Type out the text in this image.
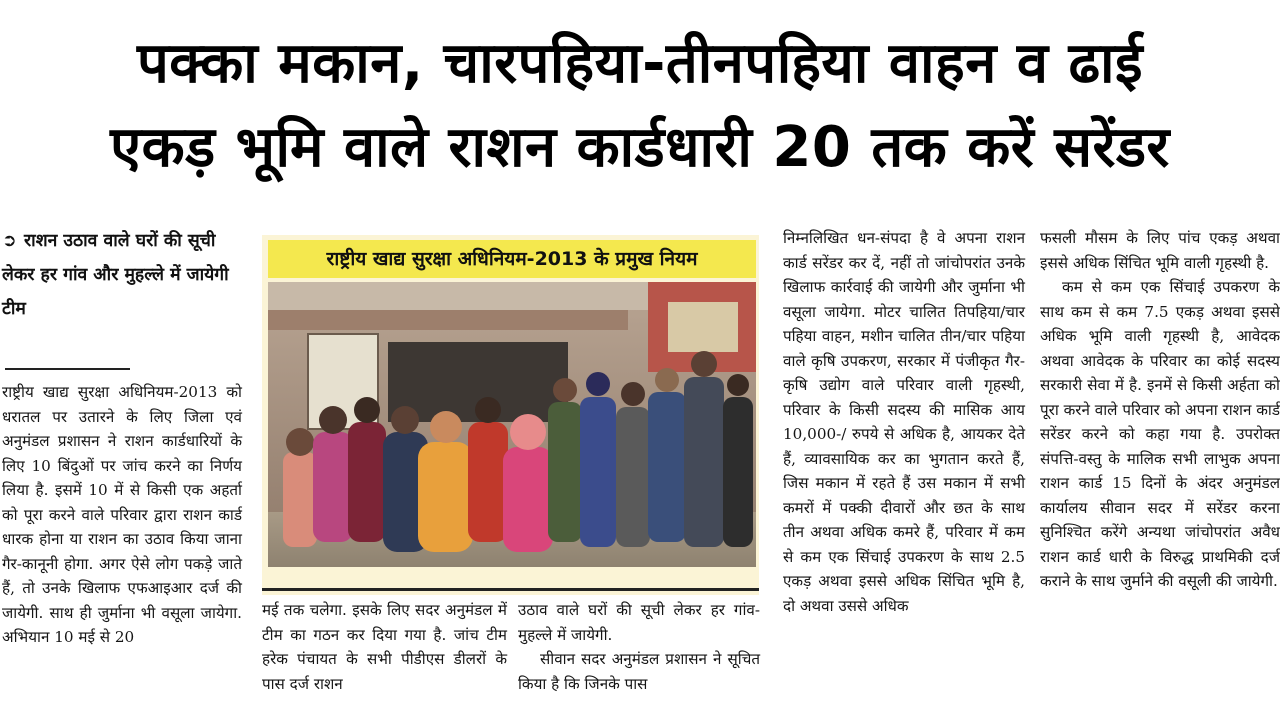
पक्का मकान, चारपहिया-तीनपहिया वाहन व ढाई
एकड़ भूमि वाले राशन कार्डधारी 20 तक करें सरेंडर
➲ राशन उठाव वाले घरों की सूची लेकर हर गांव और मुहल्ले में जायेगी टीम

राष्ट्रीय खाद्य सुरक्षा अधिनियम-2013 को धरातल पर उतारने के लिए जिला एवं अनुमंडल प्रशासन ने राशन कार्डधारियों के लिए 10 बिंदुओं पर जांच करने का निर्णय लिया है. इसमें 10 में से किसी एक अहर्ता को पूरा करने वाले परिवार द्वारा राशन कार्ड धारक होना या राशन का उठाव किया जाना गैर-कानूनी होगा. अगर ऐसे लोग पकड़े जाते हैं, तो उनके खिलाफ एफआइआर दर्ज की जायेगी. साथ ही जुर्माना भी वसूला जायेगा. अभियान 10 मई से 20

राष्ट्रीय खाद्य सुरक्षा अधिनियम-2013 के प्रमुख नियम

मई तक चलेगा. इसके लिए सदर अनुमंडल में टीम का गठन कर दिया गया है. जांच टीम हरेक पंचायत के सभी पीडीएस डीलरों के पास दर्ज राशन

उठाव वाले घरों की सूची लेकर हर गांव-मुहल्ले में जायेगी.

सीवान सदर अनुमंडल प्रशासन ने सूचित किया है कि जिनके पास

निम्नलिखित धन-संपदा है वे अपना राशन कार्ड सरेंडर कर दें, नहीं तो जांचोपरांत उनके खिलाफ कार्रवाई की जायेगी और जुर्माना भी वसूला जायेगा. मोटर चालित तिपहिया/चार पहिया वाहन, मशीन चालित तीन/चार पहिया वाले कृषि उपकरण, सरकार में पंजीकृत गैर-कृषि उद्योग वाले परिवार वाली गृहस्थी, परिवार के किसी सदस्य की मासिक आय 10,000-/ रुपये से अधिक है, आयकर देते हैं, व्यावसायिक कर का भुगतान करते हैं, जिस मकान में रहते हैं उस मकान में सभी कमरों में पक्की दीवारों और छत के साथ तीन अथवा अधिक कमरे हैं, परिवार में कम से कम एक सिंचाई उपकरण के साथ 2.5 एकड़ अथवा इससे अधिक सिंचित भूमि है, दो अथवा उससे अधिक

फसली मौसम के लिए पांच एकड़ अथवा इससे अधिक सिंचित भूमि वाली गृहस्थी है.

कम से कम एक सिंचाई उपकरण के साथ कम से कम 7.5 एकड़ अथवा इससे अधिक भूमि वाली गृहस्थी है, आवेदक अथवा आवेदक के परिवार का कोई सदस्य सरकारी सेवा में है. इनमें से किसी अर्हता को पूरा करने वाले परिवार को अपना राशन कार्ड सरेंडर करने को कहा गया है. उपरोक्त संपत्ति-वस्तु के मालिक सभी लाभुक अपना राशन कार्ड 15 दिनों के अंदर अनुमंडल कार्यालय सीवान सदर में सरेंडर करना सुनिश्चित करेंगे अन्यथा जांचोपरांत अवैध राशन कार्ड धारी के विरुद्ध प्राथमिकी दर्ज कराने के साथ जुर्माने की वसूली की जायेगी.
